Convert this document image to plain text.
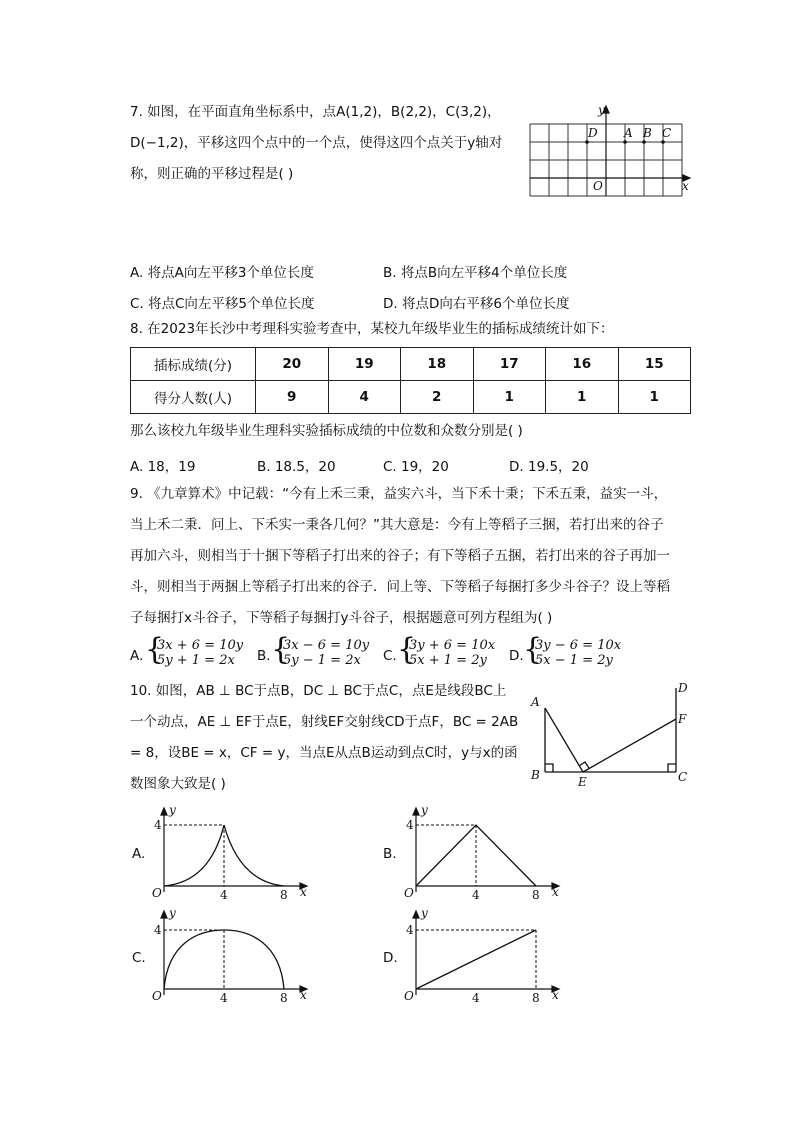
7. 如图，在平面直角坐标系中，点A(1,2)，B(2,2)，C(3,2)，
D(−1,2)，平移这四个点中的一个点，使得这四个点关于y轴对
称，则正确的平移过程是( )
D A B C
O
y
x
A. 将点A向左平移3个单位长度	B. 将点B向左平移4个单位长度
C. 将点C向左平移5个单位长度	D. 将点D向右平移6个单位长度
8. 在2023年长沙中考理科实验考查中，某校九年级毕业生的插标成绩统计如下：
插标成绩(分)	20	19	18	17	16	15
得分人数(人)	9	4	2	1	1	1
那么该校九年级毕业生理科实验插标成绩的中位数和众数分别是( )
A. 18，19	B. 18.5，20	C. 19，20	D. 19.5，20
9. 《九章算术》中记载：“今有上禾三秉，益实六斗，当下禾十秉；下禾五秉，益实一斗，
当上禾二秉．问上、下禾实一秉各几何？”其大意是：今有上等稻子三捆，若打出来的谷子
再加六斗，则相当于十捆下等稻子打出来的谷子；有下等稻子五捆，若打出来的谷子再加一
斗，则相当于两捆上等稻子打出来的谷子．问上等、下等稻子每捆打多少斗谷子？设上等稻
子每捆打x斗谷子，下等稻子每捆打y斗谷子，根据题意可列方程组为( )
A. {
3x + 6 = 10y
5y + 1 = 2x B. {
3x − 6 = 10y
5y − 1 = 2x C. {
3y + 6 = 10x
5x + 1 = 2y D. {
3y − 6 = 10x
5x − 1 = 2y
10. 如图，AB ⊥ BC于点B，DC ⊥ BC于点C，点E是线段BC上
一个动点，AE ⊥ EF于点E，射线EF交射线CD于点F，BC = 2AB
= 8，设BE = x，CF = y，当点E从点B运动到点C时，y与x的函
数图象大致是( )
A
B	C
D
E
F
A.
O	4	8
4
x
y
B.
O	4	8
4
x
y
C.
O	4	8
4
x
y
D.
O	4	8
4
x
y
